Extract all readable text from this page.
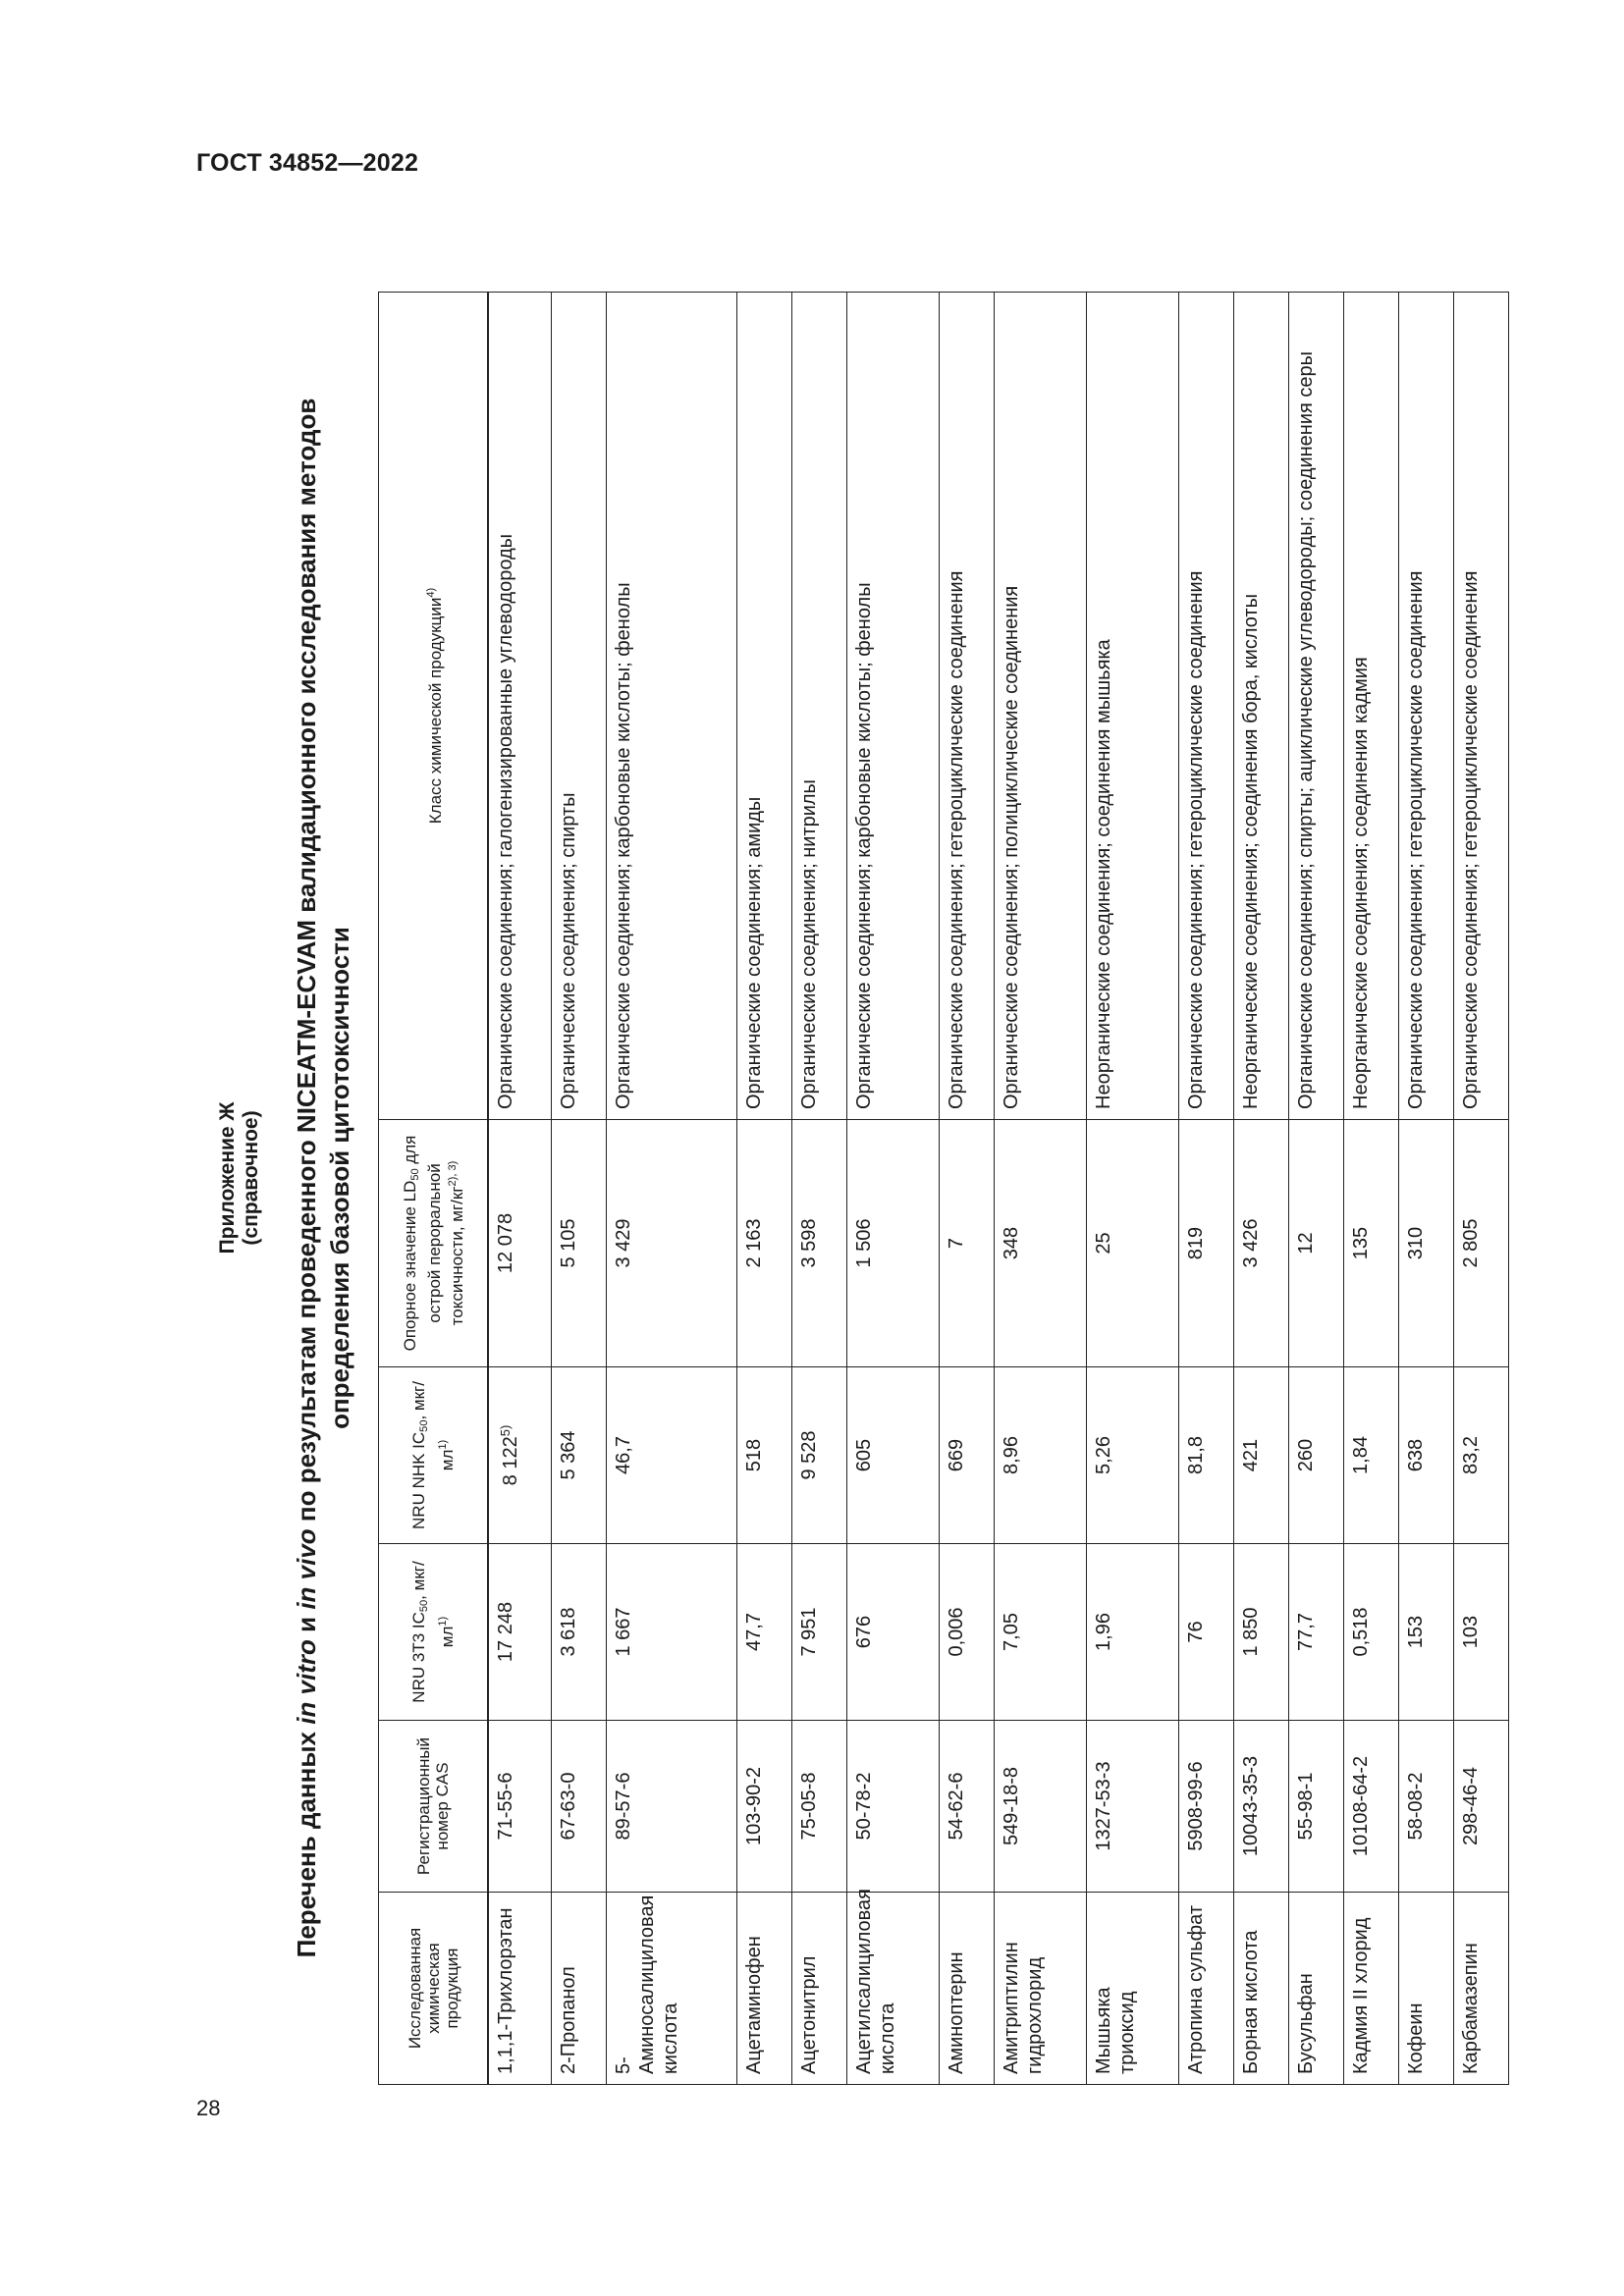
ГОСТ 34852—2022
Приложение Ж (справочное)
Перечень данных in vitro и in vivo по результатам проведенного NICEATM-ECVAM валидационного исследования методов определения базовой цитотоксичности
Исследованная химическая продукция	Регистрационный номер CAS	NRU 3T3 $IC_{50}$, мкг/$мл^{1)}$	NRU NHK $IC_{50}$, мкг/$мл^{1)}$	Опорное значение $LD_{50}$ для острой пероральной токсичности, $мг/кг^{2), 3)}$	Класс химической продукции$^{4)}$
1,1,1-Трихлорэтан	71-55-6	17 248	8 122$^{5)}$	12 078	Органические соединения; галогенизированные углеводороды
2-Пропанол	67-63-0	3 618	5 364	5 105	Органические соединения; спирты
5-Аминосалициловая кислота	89-57-6	1 667	46,7	3 429	Органические соединения; карбоновые кислоты; фенолы
Ацетаминофен	103-90-2	47,7	518	2 163	Органические соединения; амиды
Ацетонитрил	75-05-8	7 951	9 528	3 598	Органические соединения; нитрилы
Ацетилсалициловая кислота	50-78-2	676	605	1 506	Органические соединения; карбоновые кислоты; фенолы
Аминоптерин	54-62-6	0,006	669	7	Органические соединения; гетероциклические соединения
Амитриптилин гидрохлорид	549-18-8	7,05	8,96	348	Органические соединения; полициклические соединения
Мышьяка триоксид	1327-53-3	1,96	5,26	25	Неорганические соединения; соединения мышьяка
Атропина сульфат	5908-99-6	76	81,8	819	Органические соединения; гетероциклические соединения
Борная кислота	10043-35-3	1 850	421	3 426	Неорганические соединения; соединения бора, кислоты
Бусульфан	55-98-1	77,7	260	12	Органические соединения; спирты; ациклические углеводороды; соединения серы
Кадмия II хлорид	10108-64-2	0,518	1,84	135	Неорганические соединения; соединения кадмия
Кофеин	58-08-2	153	638	310	Органические соединения; гетероциклические соединения
Карбамазепин	298-46-4	103	83,2	2 805	Органические соединения; гетероциклические соединения
28
